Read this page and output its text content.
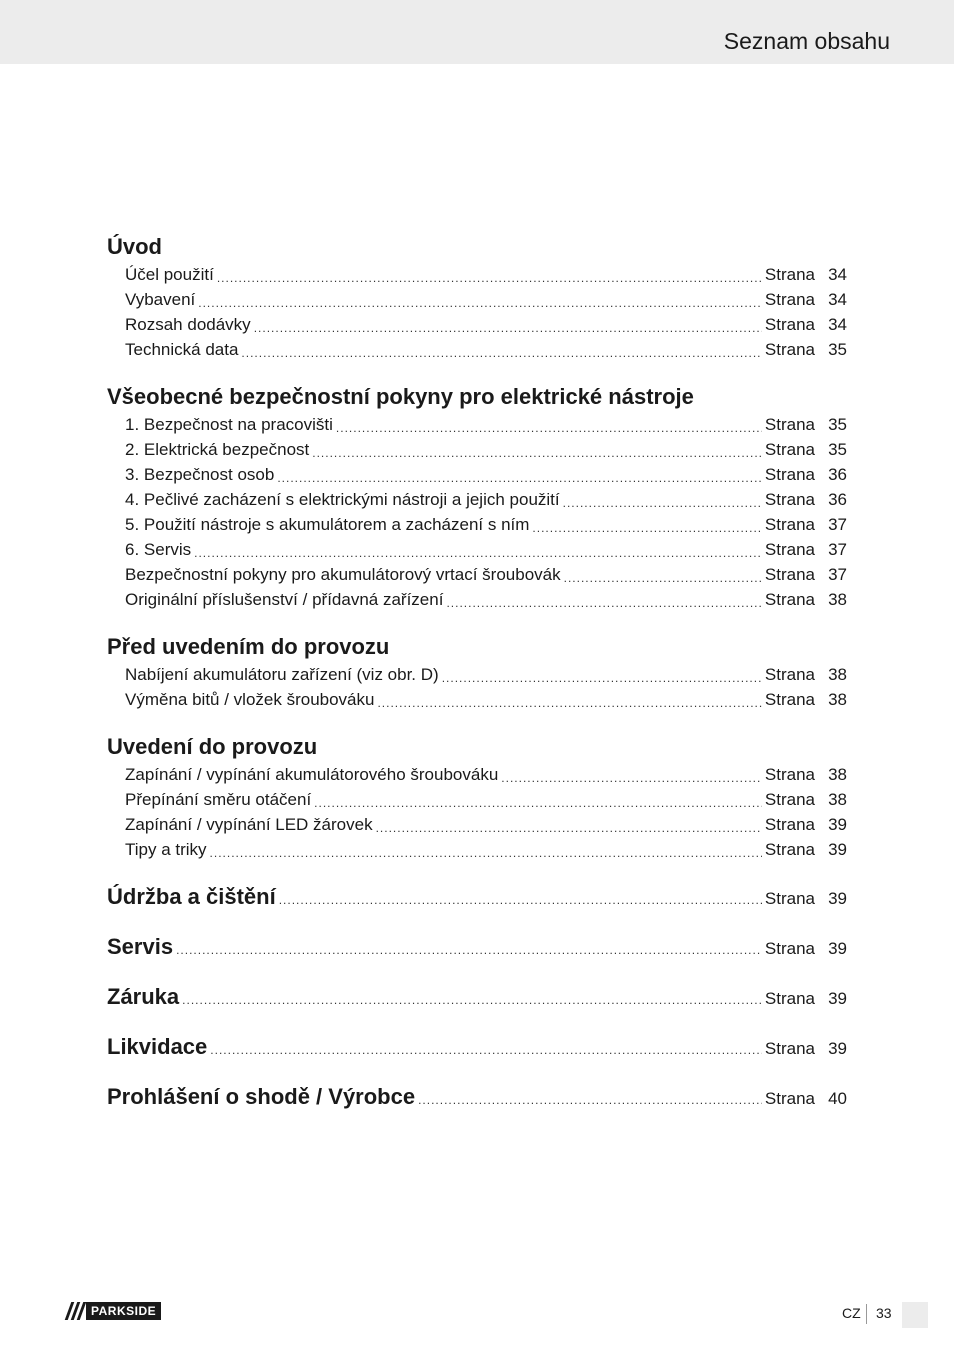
Seznam obsahu
Úvod
Účel použití .....	Strana 34
Vybavení .....	Strana 34
Rozsah dodávky .....	Strana 34
Technická data .....	Strana 35
Všeobecné bezpečnostní pokyny pro elektrické nástroje
1. Bezpečnost na pracovišti .....	Strana 35
2. Elektrická bezpečnost .....	Strana 35
3. Bezpečnost osob .....	Strana 36
4. Pečlivé zacházení s elektrickými nástroji a jejich použití .....	Strana 36
5. Použití nástroje s akumulátorem a zacházení s ním .....	Strana 37
6. Servis .....	Strana 37
Bezpečnostní pokyny pro akumulátorový vrtací šroubovák .....	Strana 37
Originální příslušenství / přídavná zařízení .....	Strana 38
Před uvedením do provozu
Nabíjení akumulátoru zařízení (viz obr. D) .....	Strana 38
Výměna bitů / vložek šroubováku .....	Strana 38
Uvedení do provozu
Zapínání / vypínání akumulátorového šroubováku .....	Strana 38
Přepínání směru otáčení .....	Strana 38
Zapínání / vypínání LED žárovek .....	Strana 39
Tipy a triky .....	Strana 39
Údržba a čištění .....	Strana 39
Servis .....	Strana 39
Záruka .....	Strana 39
Likvidace .....	Strana 39
Prohlášení o shodě / Výrobce .....	Strana 40
PARKSIDE	CZ 33
